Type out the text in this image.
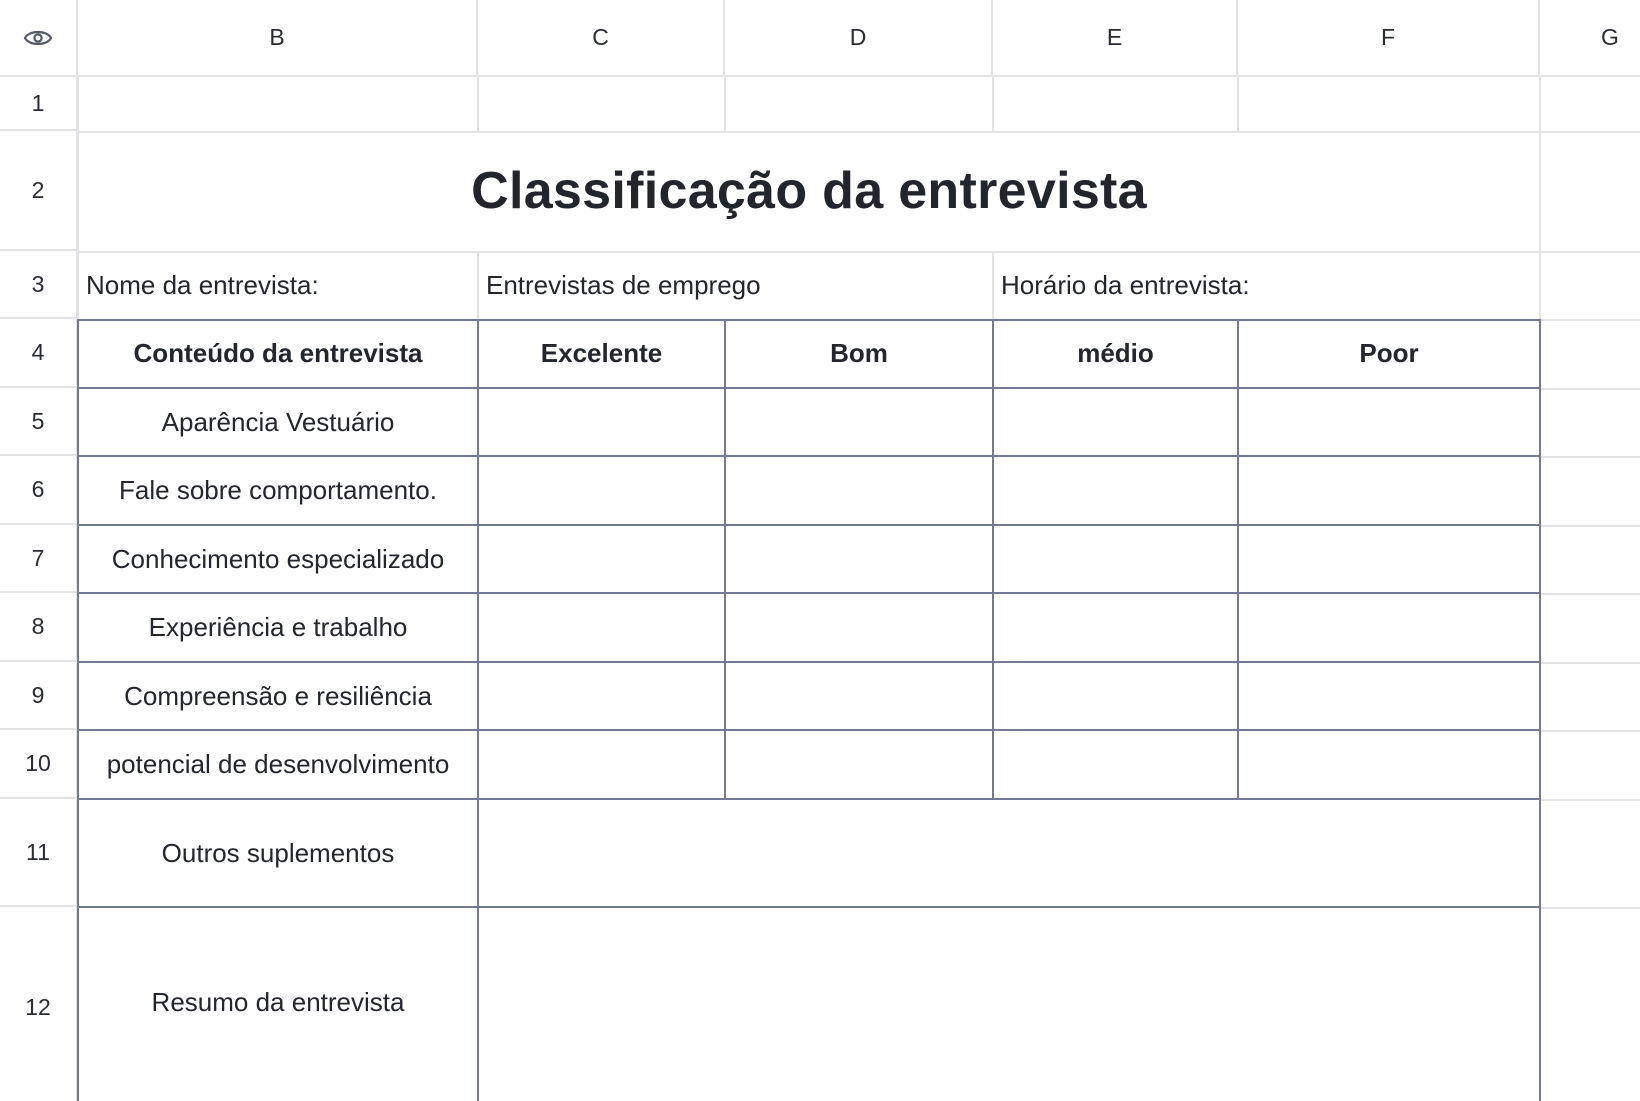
B	C	D	E	F	G
1
2
3
4
5
6
7
8
9
10
11
12
Classificação da entrevista
Nome da entrevista:	Entrevistas de emprego	Horário da entrevista:
Conteúdo da entrevista	Excelente	Bom	médio	Poor
Aparência Vestuário
Fale sobre comportamento.
Conhecimento especializado
Experiência e trabalho
Compreensão e resiliência
potencial de desenvolvimento
Outros suplementos
Resumo da entrevista
